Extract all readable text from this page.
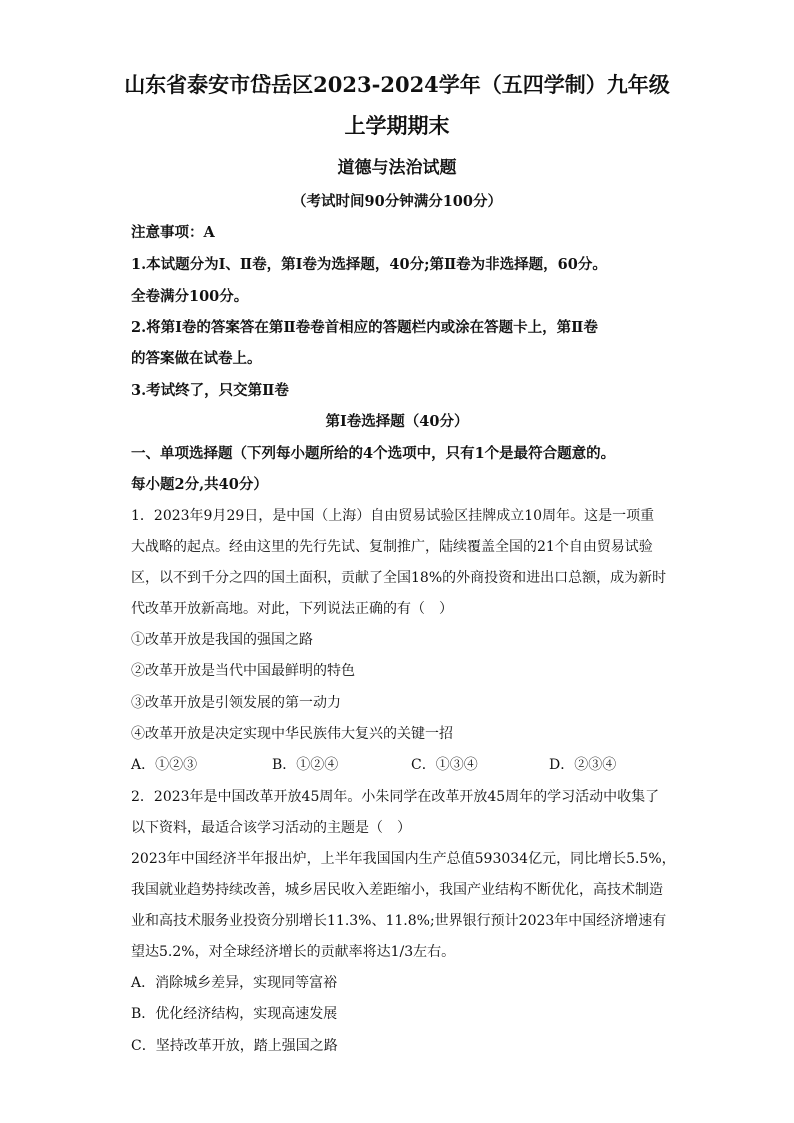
山东省泰安市岱岳区2023-2024学年（五四学制）九年级
上学期期末
道德与法治试题
（考试时间90分钟满分100分）
注意事项：A
1.本试题分为Ⅰ、Ⅱ卷，第Ⅰ卷为选择题，40分;第Ⅱ卷为非选择题，60分。
全卷满分100分。
2.将第Ⅰ卷的答案答在第Ⅱ卷卷首相应的答题栏内或涂在答题卡上，第Ⅱ卷
的答案做在试卷上。
3.考试终了，只交第Ⅱ卷
第Ⅰ卷选择题（40分）
一、单项选择题（下列每小题所给的4个选项中，只有1个是最符合题意的。
每小题2分,共40分）
1．2023年9月29日，是中国（上海）自由贸易试验区挂牌成立10周年。这是一项重
大战略的起点。经由这里的先行先试、复制推广，陆续覆盖全国的21个自由贸易试验
区，以不到千分之四的国土面积，贡献了全国18%的外商投资和进出口总额，成为新时
代改革开放新高地。对此，下列说法正确的有（　）
①改革开放是我国的强国之路
②改革开放是当代中国最鲜明的特色
③改革开放是引领发展的第一动力
④改革开放是决定实现中华民族伟大复兴的关键一招
A．①②③	B．①②④	C．①③④	D．②③④
2．2023年是中国改革开放45周年。小朱同学在改革开放45周年的学习活动中收集了
以下资料，最适合该学习活动的主题是（　）
2023年中国经济半年报出炉，上半年我国国内生产总值593034亿元，同比增长5.5%，
我国就业趋势持续改善，城乡居民收入差距缩小，我国产业结构不断优化，高技术制造
业和高技术服务业投资分别增长11.3%、11.8%;世界银行预计2023年中国经济增速有
望达5.2%，对全球经济增长的贡献率将达1/3左右。
A．消除城乡差异，实现同等富裕
B．优化经济结构，实现高速发展
C．坚持改革开放，踏上强国之路
